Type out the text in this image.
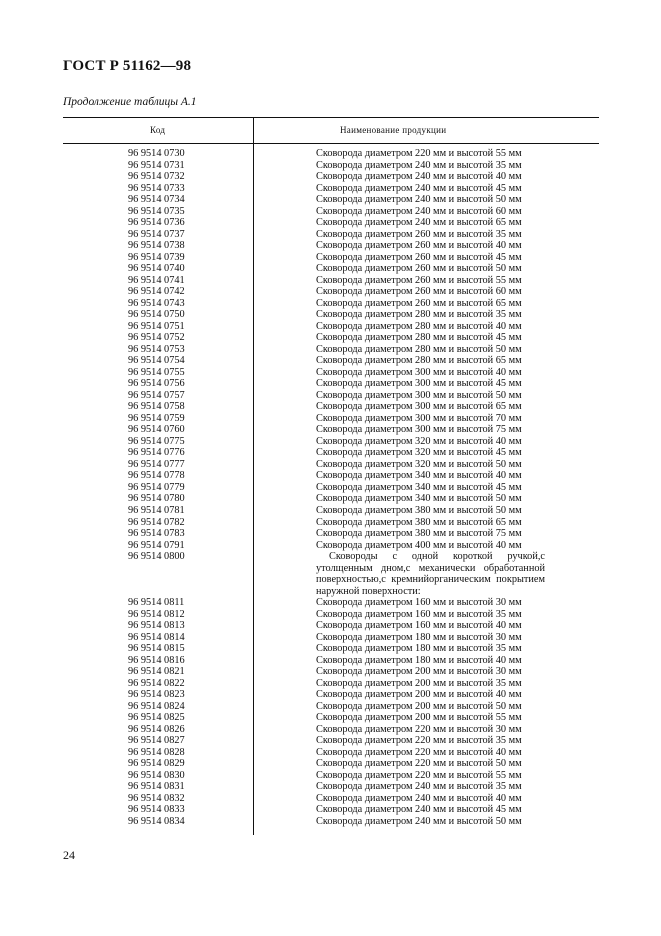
ГОСТ Р 51162—98
Продолжение таблицы А.1
Код	Наименование продукции
96 9514 0730	Сковорода диаметром 220 мм и высотой 55 мм
96 9514 0731	Сковорода диаметром 240 мм и высотой 35 мм
96 9514 0732	Сковорода диаметром 240 мм и высотой 40 мм
96 9514 0733	Сковорода диаметром 240 мм и высотой 45 мм
96 9514 0734	Сковорода диаметром 240 мм и высотой 50 мм
96 9514 0735	Сковорода диаметром 240 мм и высотой 60 мм
96 9514 0736	Сковорода диаметром 240 мм и высотой 65 мм
96 9514 0737	Сковорода диаметром 260 мм и высотой 35 мм
96 9514 0738	Сковорода диаметром 260 мм и высотой 40 мм
96 9514 0739	Сковорода диаметром 260 мм и высотой 45 мм
96 9514 0740	Сковорода диаметром 260 мм и высотой 50 мм
96 9514 0741	Сковорода диаметром 260 мм и высотой 55 мм
96 9514 0742	Сковорода диаметром 260 мм и высотой 60 мм
96 9514 0743	Сковорода диаметром 260 мм и высотой 65 мм
96 9514 0750	Сковорода диаметром 280 мм и высотой 35 мм
96 9514 0751	Сковорода диаметром 280 мм и высотой 40 мм
96 9514 0752	Сковорода диаметром 280 мм и высотой 45 мм
96 9514 0753	Сковорода диаметром 280 мм и высотой 50 мм
96 9514 0754	Сковорода диаметром 280 мм и высотой 65 мм
96 9514 0755	Сковорода диаметром 300 мм и высотой 40 мм
96 9514 0756	Сковорода диаметром 300 мм и высотой 45 мм
96 9514 0757	Сковорода диаметром 300 мм и высотой 50 мм
96 9514 0758	Сковорода диаметром 300 мм и высотой 65 мм
96 9514 0759	Сковорода диаметром 300 мм и высотой 70 мм
96 9514 0760	Сковорода диаметром 300 мм и высотой 75 мм
96 9514 0775	Сковорода диаметром 320 мм и высотой 40 мм
96 9514 0776	Сковорода диаметром 320 мм и высотой 45 мм
96 9514 0777	Сковорода диаметром 320 мм и высотой 50 мм
96 9514 0778	Сковорода диаметром 340 мм и высотой 40 мм
96 9514 0779	Сковорода диаметром 340 мм и высотой 45 мм
96 9514 0780	Сковорода диаметром 340 мм и высотой 50 мм
96 9514 0781	Сковорода диаметром 380 мм и высотой 50 мм
96 9514 0782	Сковорода диаметром 380 мм и высотой 65 мм
96 9514 0783	Сковорода диаметром 380 мм и высотой 75 мм
96 9514 0791	Сковорода диаметром 400 мм и высотой 40 мм
96 9514 0800	Сковороды с одной короткой ручкой,с утолщенным дном,с механически обработанной поверхностью,с кремнийорганическим покрытием наружной поверхности:

96 9514 0811	Сковорода диаметром 160 мм и высотой 30 мм
96 9514 0812	Сковорода диаметром 160 мм и высотой 35 мм
96 9514 0813	Сковорода диаметром 160 мм и высотой 40 мм
96 9514 0814	Сковорода диаметром 180 мм и высотой 30 мм
96 9514 0815	Сковорода диаметром 180 мм и высотой 35 мм
96 9514 0816	Сковорода диаметром 180 мм и высотой 40 мм
96 9514 0821	Сковорода диаметром 200 мм и высотой 30 мм
96 9514 0822	Сковорода диаметром 200 мм и высотой 35 мм
96 9514 0823	Сковорода диаметром 200 мм и высотой 40 мм
96 9514 0824	Сковорода диаметром 200 мм и высотой 50 мм
96 9514 0825	Сковорода диаметром 200 мм и высотой 55 мм
96 9514 0826	Сковорода диаметром 220 мм и высотой 30 мм
96 9514 0827	Сковорода диаметром 220 мм и высотой 35 мм
96 9514 0828	Сковорода диаметром 220 мм и высотой 40 мм
96 9514 0829	Сковорода диаметром 220 мм и высотой 50 мм
96 9514 0830	Сковорода диаметром 220 мм и высотой 55 мм
96 9514 0831	Сковорода диаметром 240 мм и высотой 35 мм
96 9514 0832	Сковорода диаметром 240 мм и высотой 40 мм
96 9514 0833	Сковорода диаметром 240 мм и высотой 45 мм
96 9514 0834	Сковорода диаметром 240 мм и высотой 50 мм
24
